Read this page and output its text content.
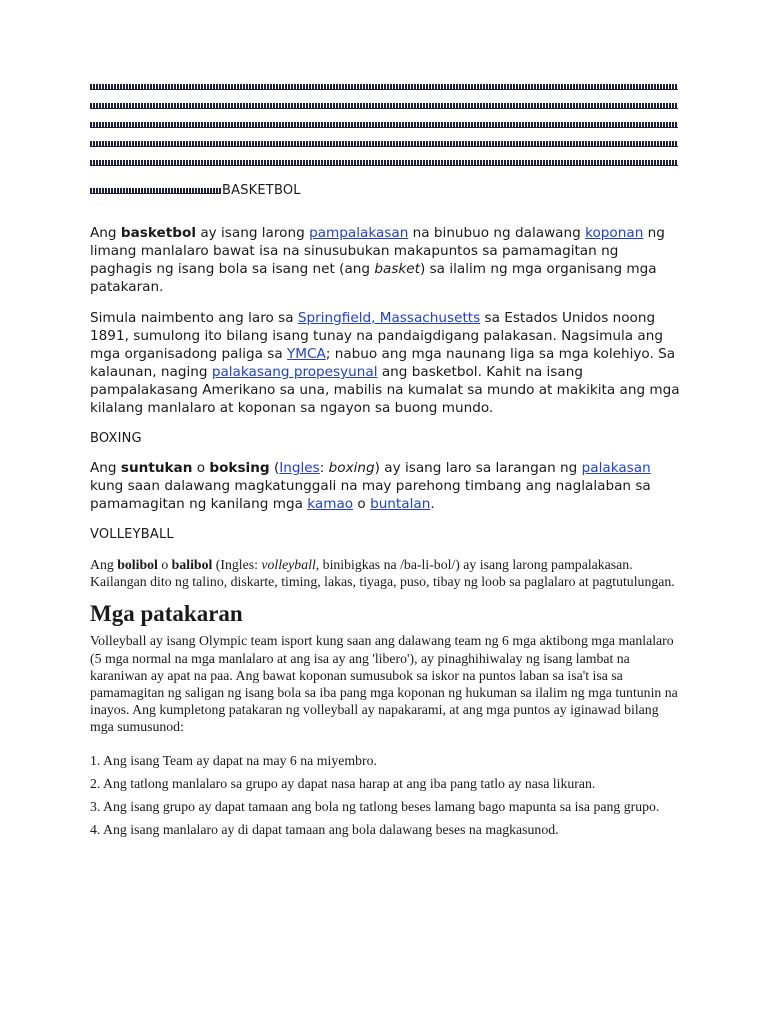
BASKETBOL

Ang basketbol ay isang larong pampalakasan na binubuo ng dalawang koponan ng limang manlalaro bawat isa na sinusubukan makapuntos sa pamamagitan ng paghagis ng isang bola sa isang net (ang basket) sa ilalim ng mga organisang mga patakaran.

Simula naimbento ang laro sa Springfield, Massachusetts sa Estados Unidos noong 1891, sumulong ito bilang isang tunay na pandaigdigang palakasan. Nagsimula ang mga organisadong paliga sa YMCA; nabuo ang mga naunang liga sa mga kolehiyo. Sa kalaunan, naging palakasang propesyunal ang basketbol. Kahit na isang pampalakasang Amerikano sa una, mabilis na kumalat sa mundo at makikita ang mga kilalang manlalaro at koponan sa ngayon sa buong mundo.

BOXING

Ang suntukan o boksing (Ingles: boxing) ay isang laro sa larangan ng palakasan kung saan dalawang magkatunggali na may parehong timbang ang naglalaban sa pamamagitan ng kanilang mga kamao o buntalan.

VOLLEYBALL

Ang bolibol o balibol (Ingles: volleyball, binibigkas na /ba-li-bol/) ay isang larong pampalakasan. Kailangan dito ng talino, diskarte, timing, lakas, tiyaga, puso, tibay ng loob sa paglalaro at pagtutulungan.

Mga patakaran

Volleyball ay isang Olympic team isport kung saan ang dalawang team ng 6 mga aktibong mga manlalaro (5 mga normal na mga manlalaro at ang isa ay ang 'libero'), ay pinaghihiwalay ng isang lambat na karaniwan ay apat na paa. Ang bawat koponan sumusubok sa iskor na puntos laban sa isa't isa sa pamamagitan ng saligan ng isang bola sa iba pang mga koponan ng hukuman sa ilalim ng mga tuntunin na inayos. Ang kumpletong patakaran ng volleyball ay napakarami, at ang mga puntos ay iginawad bilang mga sumusunod:

1. Ang isang Team ay dapat na may 6 na miyembro.

2. Ang tatlong manlalaro sa grupo ay dapat nasa harap at ang iba pang tatlo ay nasa likuran.

3. Ang isang grupo ay dapat tamaan ang bola ng tatlong beses lamang bago mapunta sa isa pang grupo.

4. Ang isang manlalaro ay di dapat tamaan ang bola dalawang beses na magkasunod.
